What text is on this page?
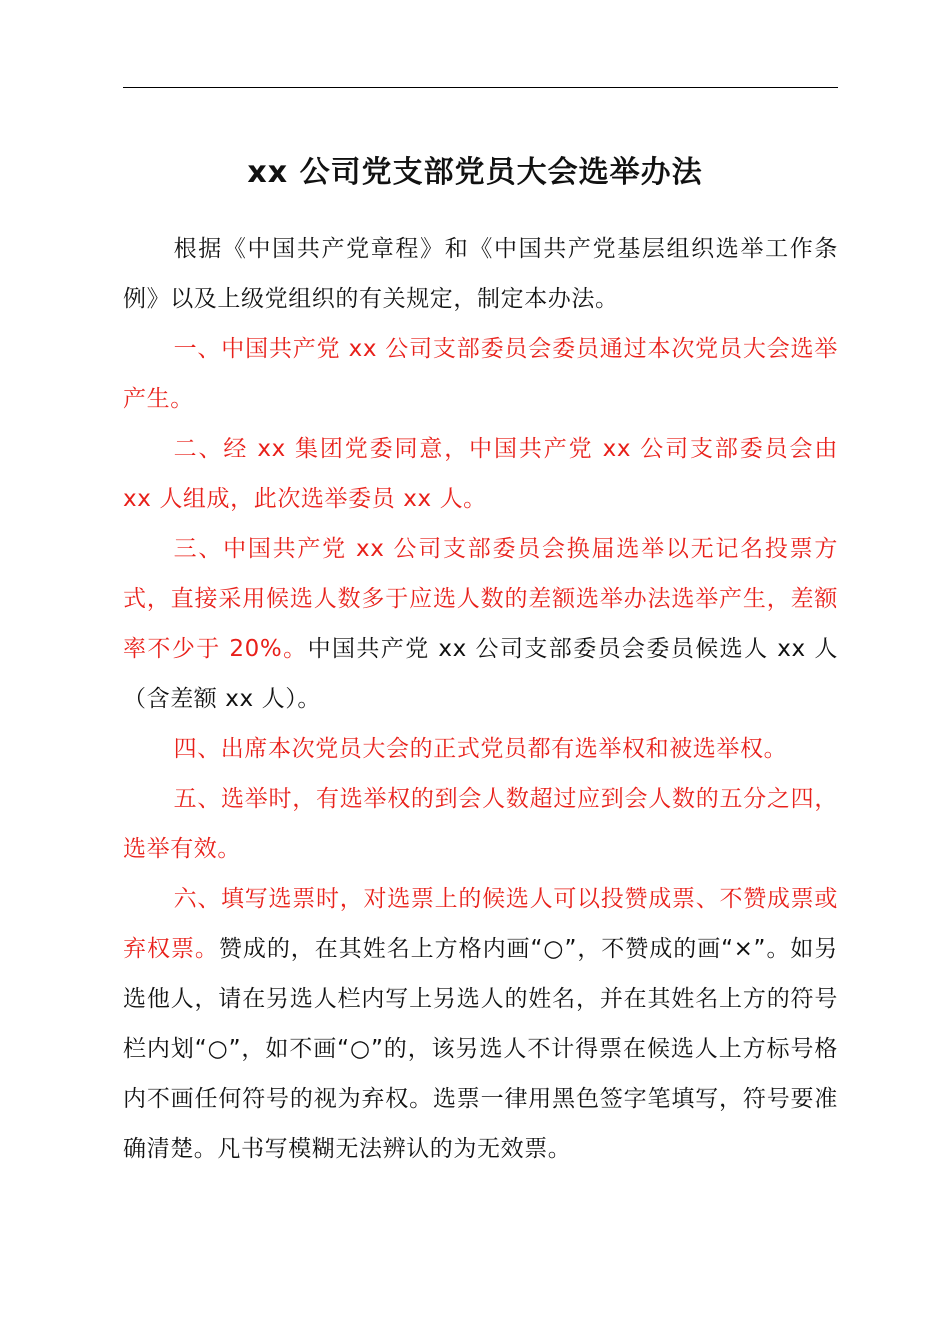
xx 公司党支部党员大会选举办法

根据《中国共产党章程》和《中国共产党基层组织选举工作条例》以及上级党组织的有关规定，制定本办法。

一、中国共产党 xx 公司支部委员会委员通过本次党员大会选举产生。

二、经 xx 集团党委同意，中国共产党 xx 公司支部委员会由 xx 人组成，此次选举委员 xx 人。

三、中国共产党 xx 公司支部委员会换届选举以无记名投票方式，直接采用候选人数多于应选人数的差额选举办法选举产生，差额率不少于 20%。中国共产党 xx 公司支部委员会委员候选人 xx 人（含差额 xx 人）。

四、出席本次党员大会的正式党员都有选举权和被选举权。

五、选举时，有选举权的到会人数超过应到会人数的五分之四，选举有效。

六、填写选票时，对选票上的候选人可以投赞成票、不赞成票或弃权票。赞成的，在其姓名上方格内画“○”，不赞成的画“×”。如另选他人，请在另选人栏内写上另选人的姓名，并在其姓名上方的符号栏内划“○”，如不画“○”的，该另选人不计得票在候选人上方标号格内不画任何符号的视为弃权。选票一律用黑色签字笔填写，符号要准确清楚。凡书写模糊无法辨认的为无效票。
